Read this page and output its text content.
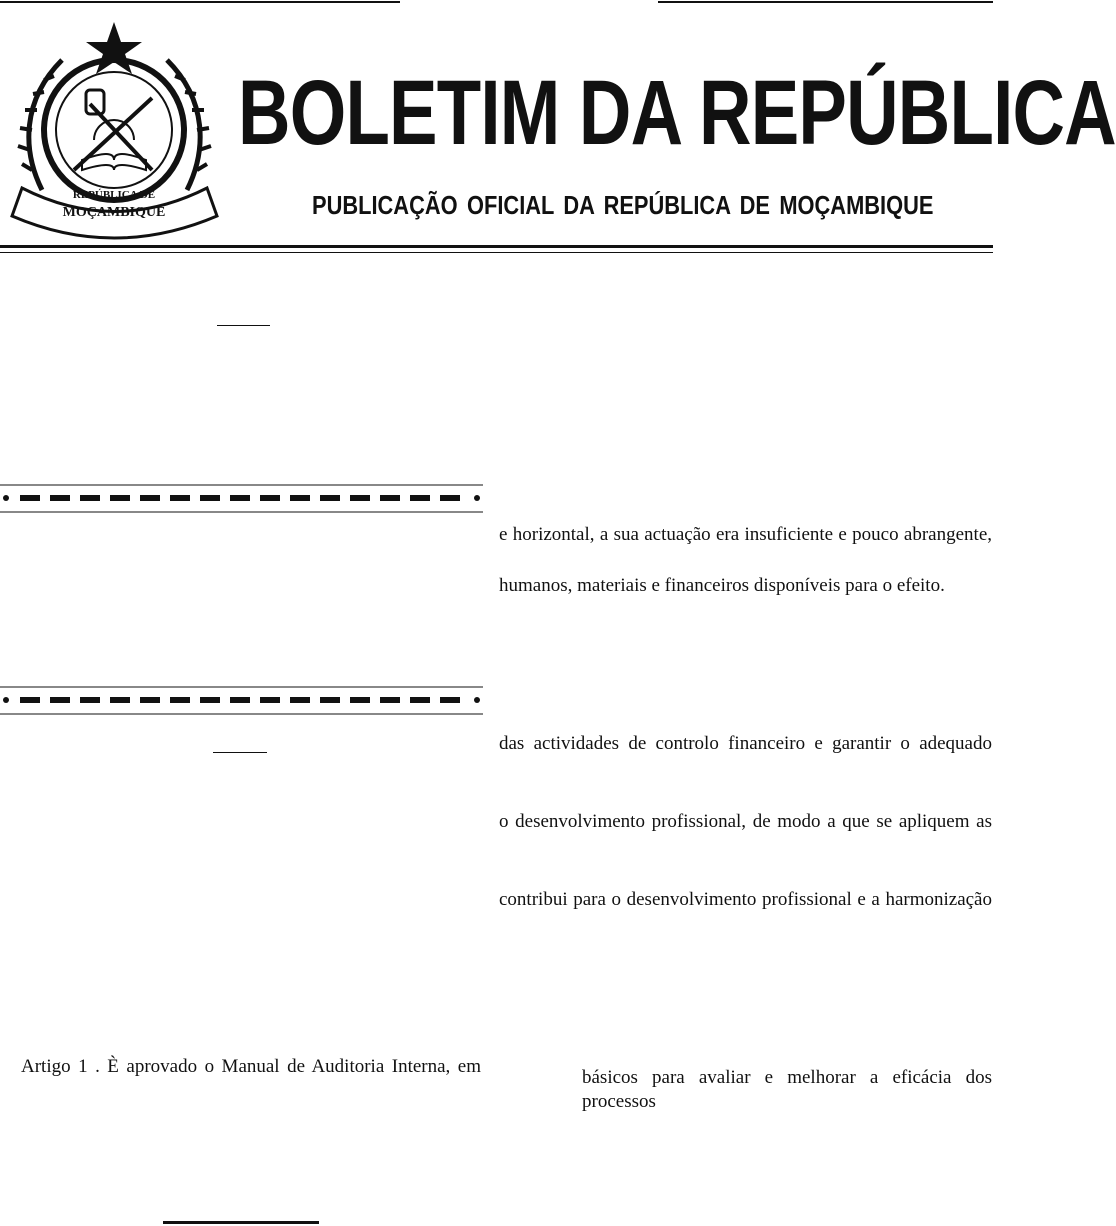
REPÚBLICA DE
MOÇAMBIQUE
BOLETIM DA REPÚBLICA
PUBLICAÇÃO OFICIAL DA REPÚBLICA DE MOÇAMBIQUE
Artigo 1 . È aprovado o Manual de Auditoria Interna, em
e horizontal, a sua actuação era insuficiente e pouco abrangente,
humanos, materiais e financeiros disponíveis para o efeito.
das actividades de controlo financeiro e garantir o adequado
o desenvolvimento profissional, de modo a que se apliquem as
contribui para o desenvolvimento profissional e a harmonização
básicos para avaliar e melhorar a eficácia dos processos
